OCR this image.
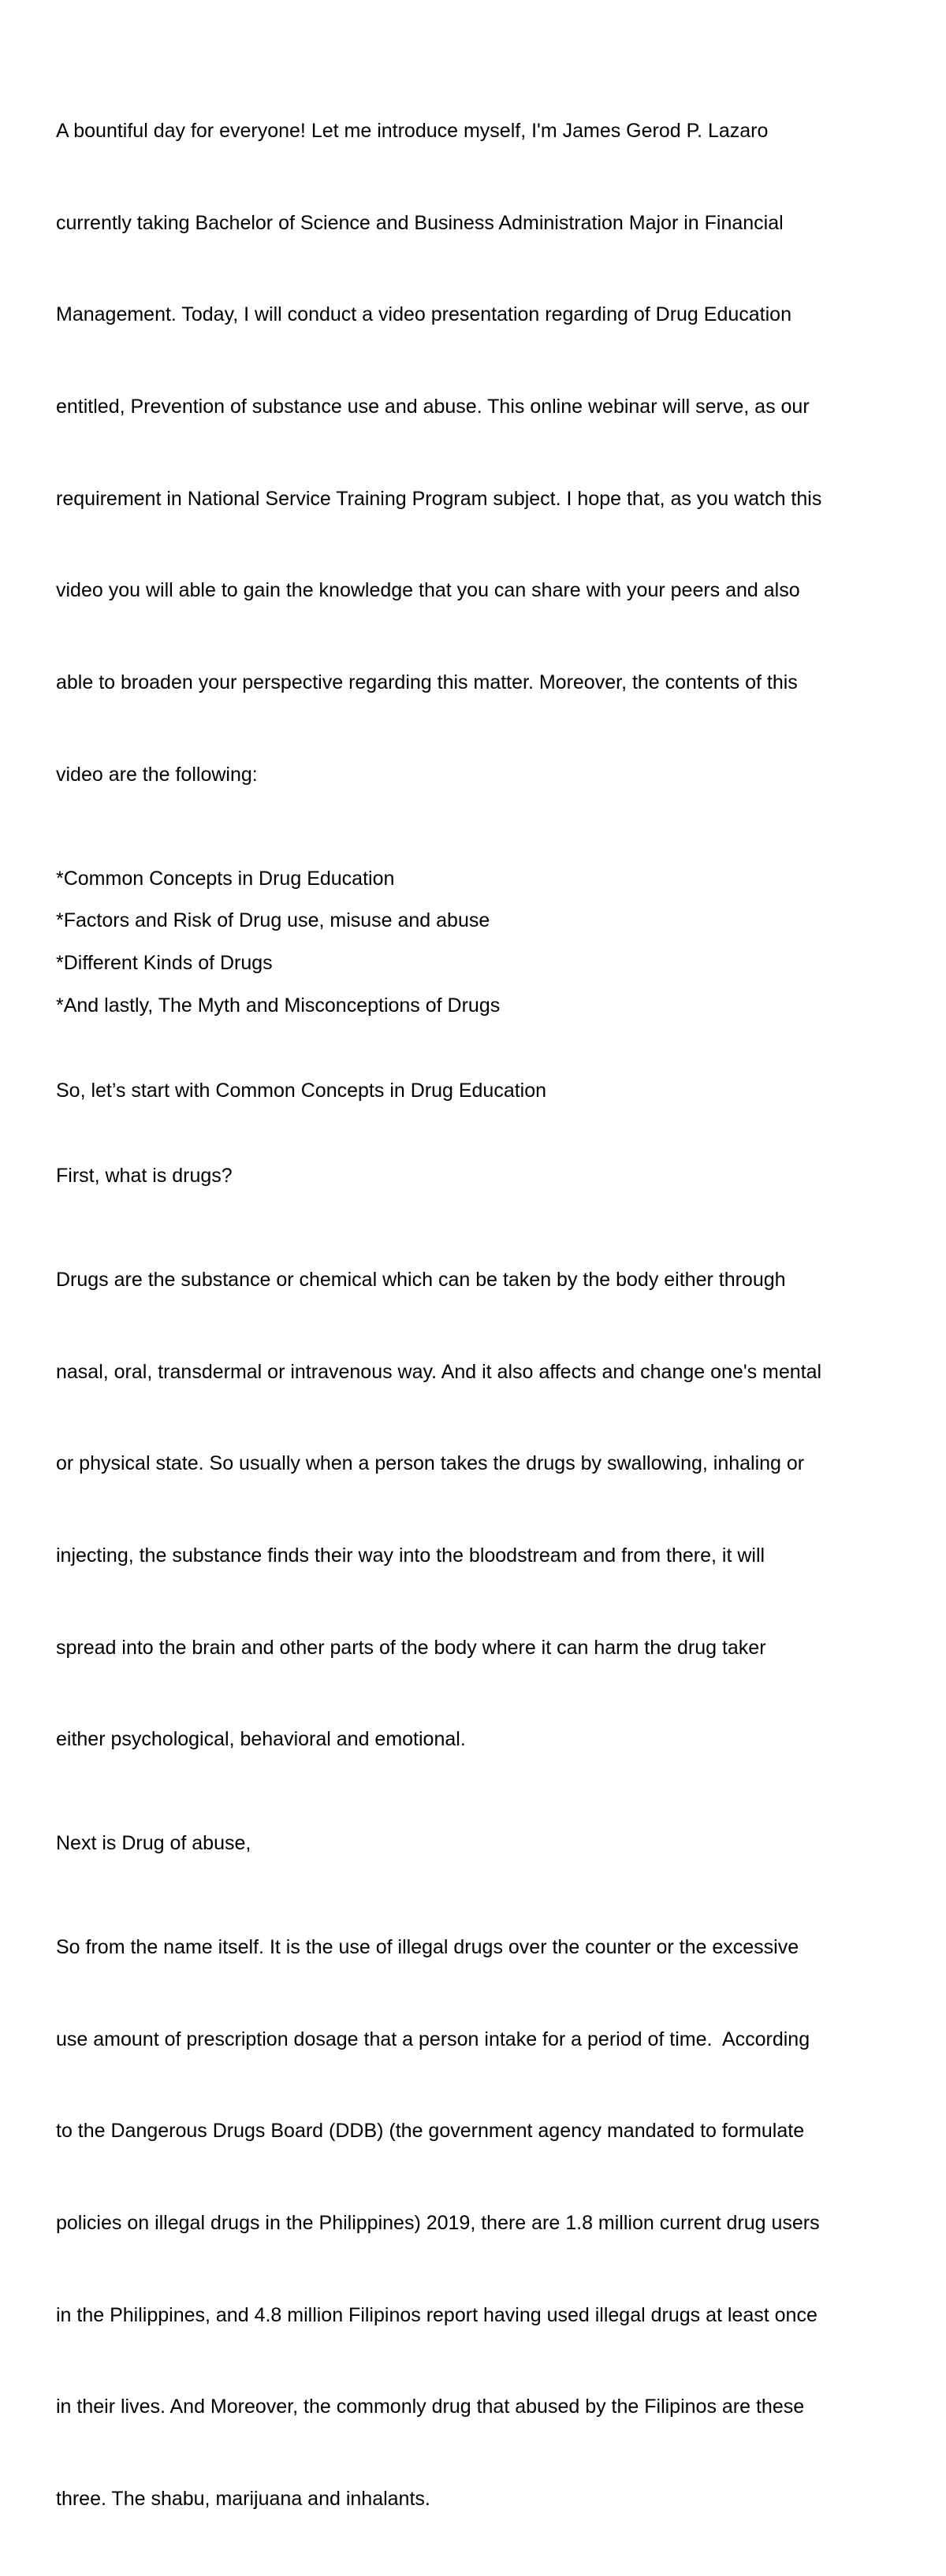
A bountiful day for everyone! Let me introduce myself, I'm James Gerod P. Lazaro

currently taking Bachelor of Science and Business Administration Major in Financial

Management. Today, I will conduct a video presentation regarding of Drug Education

entitled, Prevention of substance use and abuse. This online webinar will serve, as our

requirement in National Service Training Program subject. I hope that, as you watch this

video you will able to gain the knowledge that you can share with your peers and also

able to broaden your perspective regarding this matter. Moreover, the contents of this

video are the following:

*Common Concepts in Drug Education

*Factors and Risk of Drug use, misuse and abuse

*Different Kinds of Drugs

*And lastly, The Myth and Misconceptions of Drugs

So, let’s start with Common Concepts in Drug Education

First, what is drugs?

Drugs are the substance or chemical which can be taken by the body either through

nasal, oral, transdermal or intravenous way. And it also affects and change one's mental

or physical state. So usually when a person takes the drugs by swallowing, inhaling or

injecting, the substance finds their way into the bloodstream and from there, it will

spread into the brain and other parts of the body where it can harm the drug taker

either psychological, behavioral and emotional.

Next is Drug of abuse,

So from the name itself. It is the use of illegal drugs over the counter or the excessive

use amount of prescription dosage that a person intake for a period of time.  According

to the Dangerous Drugs Board (DDB) (the government agency mandated to formulate

policies on illegal drugs in the Philippines) 2019, there are 1.8 million current drug users

in the Philippines, and 4.8 million Filipinos report having used illegal drugs at least once

in their lives. And Moreover, the commonly drug that abused by the Filipinos are these

three. The shabu, marijuana and inhalants.
